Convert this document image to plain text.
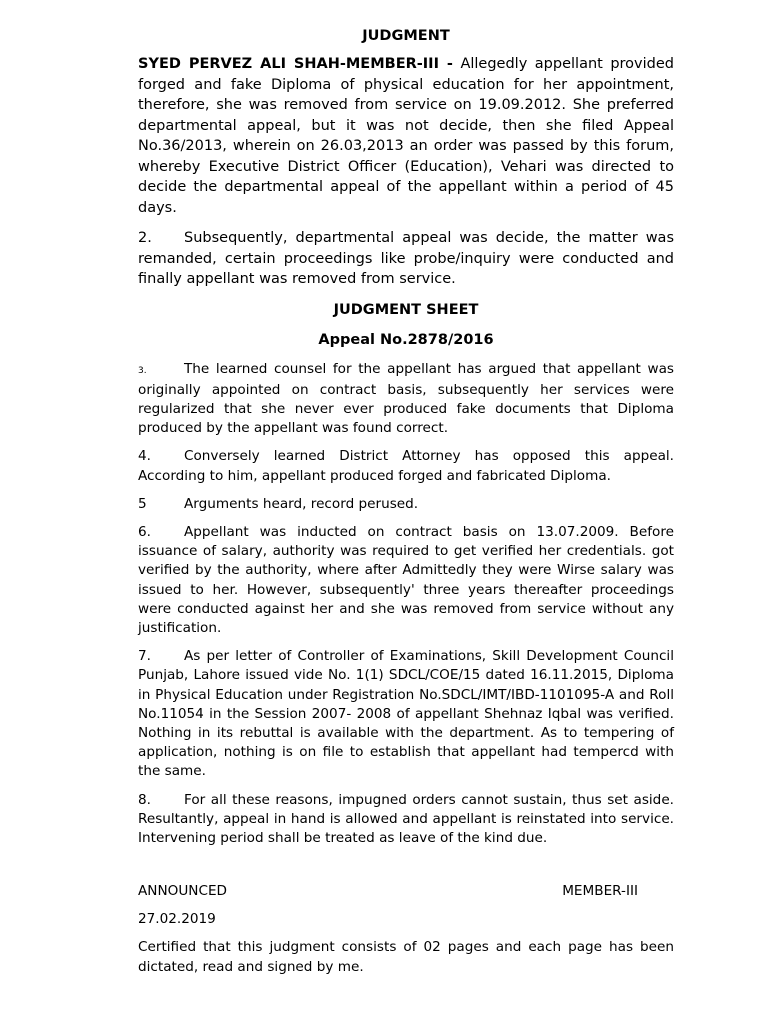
JUDGMENT

SYED PERVEZ ALI SHAH-MEMBER-III - Allegedly appellant provided forged and fake Diploma of physical education for her appointment, therefore, she was removed from service on 19.09.2012. She preferred departmental appeal, but it was not decide, then she filed Appeal No.36/2013, wherein on 26.03,2013 an order was passed by this forum, whereby Executive District Officer (Education), Vehari was directed to decide the departmental appeal of the appellant within a period of 45 days.

2. Subsequently, departmental appeal was decide, the matter was remanded, certain proceedings like probe/inquiry were conducted and finally appellant was removed from service.

JUDGMENT SHEET

Appeal No.2878/2016

3.	The learned counsel for the appellant has argued that appellant was originally appointed on contract basis, subsequently her services were regularized that she never ever produced fake documents that Diploma produced by the appellant was found correct.

4. Conversely learned District Attorney has opposed this appeal. According to him, appellant produced forged and fabricated Diploma.

5	Arguments heard, record perused.

6. Appellant was inducted on contract basis on 13.07.2009. Before issuance of salary, authority was required to get verified her credentials. got verified by the authority, where after Admittedly they were Wirse salary was issued to her. However, subsequently' three years thereafter proceedings were conducted against her and she was removed from service without any justification.

7. As per letter of Controller of Examinations, Skill Development Council Punjab, Lahore issued vide No. 1(1) SDCL/COE/15 dated 16.11.2015, Diploma in Physical Education under Registration No.SDCL/IMT/IBD-1101095-A and Roll No.11054 in the Session 2007- 2008 of appellant Shehnaz Iqbal was verified. Nothing in its rebuttal is available with the department. As to tempering of application, nothing is on file to establish that appellant had tempercd with the same.

8. For all these reasons, impugned orders cannot sustain, thus set aside. Resultantly, appeal in hand is allowed and appellant is reinstated into service. Intervening period shall be treated as leave of the kind due.

ANNOUNCED	MEMBER-III

27.02.2019

Certified that this judgment consists of 02 pages and each page has been dictated, read and signed by me.
